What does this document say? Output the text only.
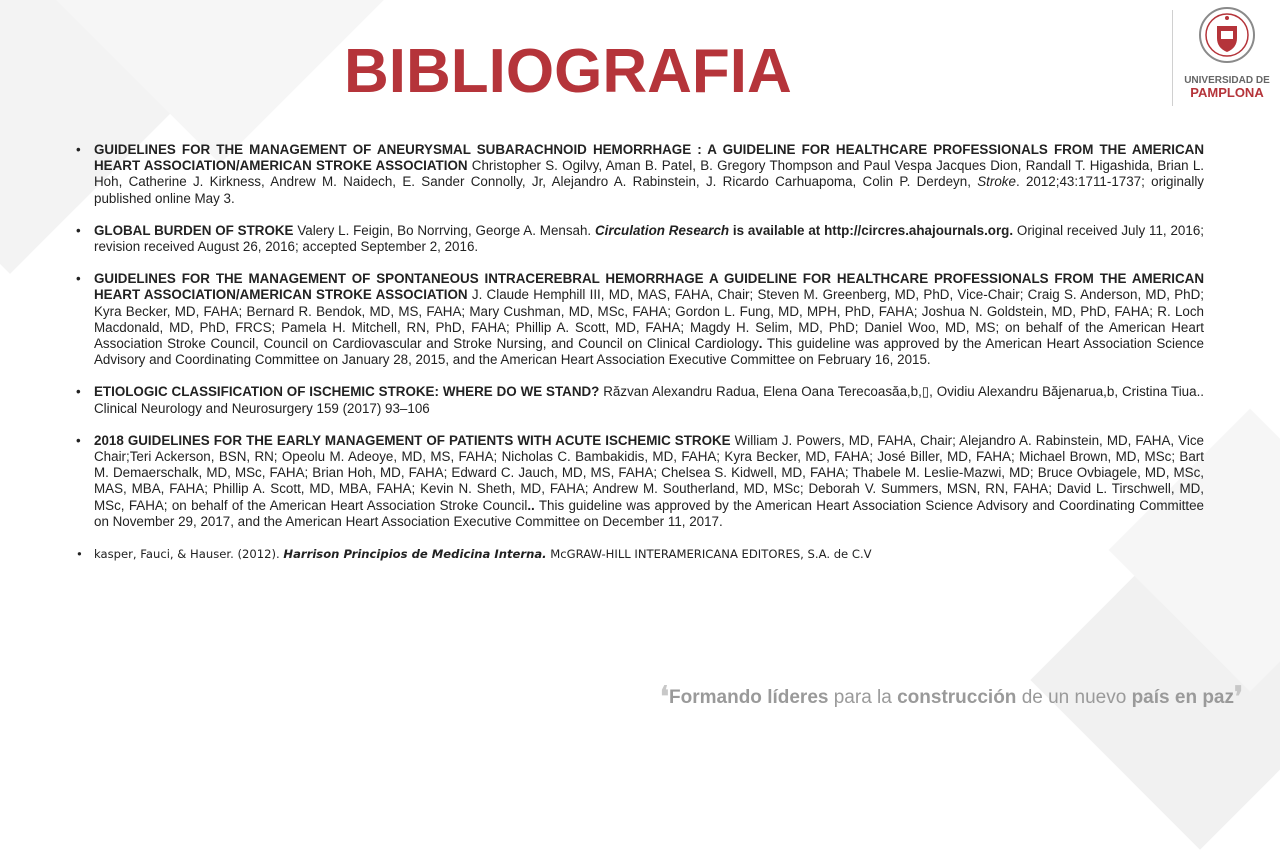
BIBLIOGRAFIA	UNIVERSIDAD DE
PAMPLONA
• GUIDELINES FOR THE MANAGEMENT OF ANEURYSMAL SUBARACHNOID HEMORRHAGE : A GUIDELINE FOR HEALTHCARE PROFESSIONALS FROM THE AMERICAN HEART ASSOCIATION/AMERICAN STROKE ASSOCIATION Christopher S. Ogilvy, Aman B. Patel, B. Gregory Thompson and Paul Vespa Jacques Dion, Randall T. Higashida, Brian L. Hoh, Catherine J. Kirkness, Andrew M. Naidech, E. Sander Connolly, Jr, Alejandro A. Rabinstein, J. Ricardo Carhuapoma, Colin P. Derdeyn, Stroke. 2012;43:1711-1737; originally published online May 3.
• GLOBAL BURDEN OF STROKE Valery L. Feigin, Bo Norrving, George A. Mensah. Circulation Research is available at http://circres.ahajournals.org. Original received July 11, 2016; revision received August 26, 2016; accepted September 2, 2016.
• GUIDELINES FOR THE MANAGEMENT OF SPONTANEOUS INTRACEREBRAL HEMORRHAGE A GUIDELINE FOR HEALTHCARE PROFESSIONALS FROM THE AMERICAN HEART ASSOCIATION/AMERICAN STROKE ASSOCIATION J. Claude Hemphill III, MD, MAS, FAHA, Chair; Steven M. Greenberg, MD, PhD, Vice-Chair; Craig S. Anderson, MD, PhD; Kyra Becker, MD, FAHA; Bernard R. Bendok, MD, MS, FAHA; Mary Cushman, MD, MSc, FAHA; Gordon L. Fung, MD, MPH, PhD, FAHA; Joshua N. Goldstein, MD, PhD, FAHA; R. Loch Macdonald, MD, PhD, FRCS; Pamela H. Mitchell, RN, PhD, FAHA; Phillip A. Scott, MD, FAHA; Magdy H. Selim, MD, PhD; Daniel Woo, MD, MS; on behalf of the American Heart Association Stroke Council, Council on Cardiovascular and Stroke Nursing, and Council on Clinical Cardiology. This guideline was approved by the American Heart Association Science Advisory and Coordinating Committee on January 28, 2015, and the American Heart Association Executive Committee on February 16, 2015.
• ETIOLOGIC CLASSIFICATION OF ISCHEMIC STROKE: WHERE DO WE STAND? Răzvan Alexandru Radua, Elena Oana Terecoasăa,b,▯, Ovidiu Alexandru Băjenarua,b, Cristina Tiua.. Clinical Neurology and Neurosurgery 159 (2017) 93–106
• 2018 GUIDELINES FOR THE EARLY MANAGEMENT OF PATIENTS WITH ACUTE ISCHEMIC STROKE William J. Powers, MD, FAHA, Chair; Alejandro A. Rabinstein, MD, FAHA, Vice Chair;Teri Ackerson, BSN, RN; Opeolu M. Adeoye, MD, MS, FAHA; Nicholas C. Bambakidis, MD, FAHA; Kyra Becker, MD, FAHA; José Biller, MD, FAHA; Michael Brown, MD, MSc; Bart M. Demaerschalk, MD, MSc, FAHA; Brian Hoh, MD, FAHA; Edward C. Jauch, MD, MS, FAHA; Chelsea S. Kidwell, MD, FAHA; Thabele M. Leslie-Mazwi, MD; Bruce Ovbiagele, MD, MSc, MAS, MBA, FAHA; Phillip A. Scott, MD, MBA, FAHA; Kevin N. Sheth, MD, FAHA; Andrew M. Southerland, MD, MSc; Deborah V. Summers, MSN, RN, FAHA; David L. Tirschwell, MD, MSc, FAHA; on behalf of the American Heart Association Stroke Council.. This guideline was approved by the American Heart Association Science Advisory and Coordinating Committee on November 29, 2017, and the American Heart Association Executive Committee on December 11, 2017.
• kasper, Fauci, & Hauser. (2012). Harrison Principios de Medicina Interna. McGRAW-HILL INTERAMERICANA EDITORES, S.A. de C.V
❛Formando líderes para la construcción de un nuevo país en paz❜
